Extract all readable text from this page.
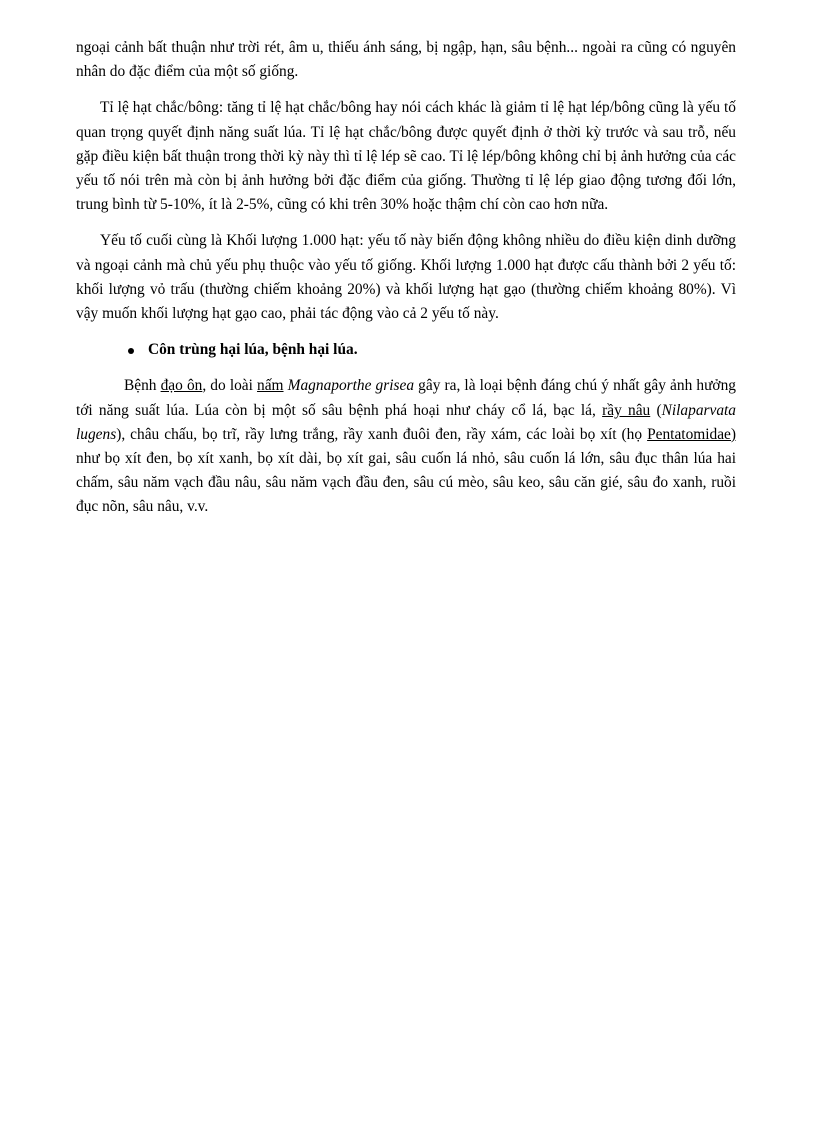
ngoại cảnh bất thuận như trời rét, âm u, thiếu ánh sáng, bị ngập, hạn, sâu bệnh... ngoài ra cũng có nguyên nhân do đặc điểm của một số giống.

Tỉ lệ hạt chắc/bông: tăng tỉ lệ hạt chắc/bông hay nói cách khác là giảm tỉ lệ hạt lép/bông cũng là yếu tố quan trọng quyết định năng suất lúa. Tỉ lệ hạt chắc/bông được quyết định ở thời kỳ trước và sau trỗ, nếu gặp điều kiện bất thuận trong thời kỳ này thì tỉ lệ lép sẽ cao. Tỉ lệ lép/bông không chỉ bị ảnh hưởng của các yếu tố nói trên mà còn bị ảnh hưởng bởi đặc điểm của giống. Thường tỉ lệ lép giao động tương đối lớn, trung bình từ 5-10%, ít là 2-5%, cũng có khi trên 30% hoặc thậm chí còn cao hơn nữa.

Yếu tố cuối cùng là Khối lượng 1.000 hạt: yếu tố này biến động không nhiều do điều kiện dinh dưỡng và ngoại cảnh mà chủ yếu phụ thuộc vào yếu tố giống. Khối lượng 1.000 hạt được cấu thành bởi 2 yếu tố: khối lượng vỏ trấu (thường chiếm khoảng 20%) và khối lượng hạt gạo (thường chiếm khoảng 80%). Vì vậy muốn khối lượng hạt gạo cao, phải tác động vào cả 2 yếu tố này.

Côn trùng hại lúa, bệnh hại lúa.

Bệnh đạo ôn, do loài nấm Magnaporthe grisea gây ra, là loại bệnh đáng chú ý nhất gây ảnh hưởng tới năng suất lúa. Lúa còn bị một số sâu bệnh phá hoại như cháy cổ lá, bạc lá, rầy nâu (Nilaparvata lugens), châu chấu, bọ trĩ, rầy lưng trắng, rầy xanh đuôi đen, rầy xám, các loài bọ xít (họ Pentatomidae) như bọ xít đen, bọ xít xanh, bọ xít dài, bọ xít gai, sâu cuốn lá nhỏ, sâu cuốn lá lớn, sâu đục thân lúa hai chấm, sâu năm vạch đầu nâu, sâu năm vạch đầu đen, sâu cú mèo, sâu keo, sâu căn gié, sâu đo xanh, ruồi đục nõn, sâu nâu, v.v.
